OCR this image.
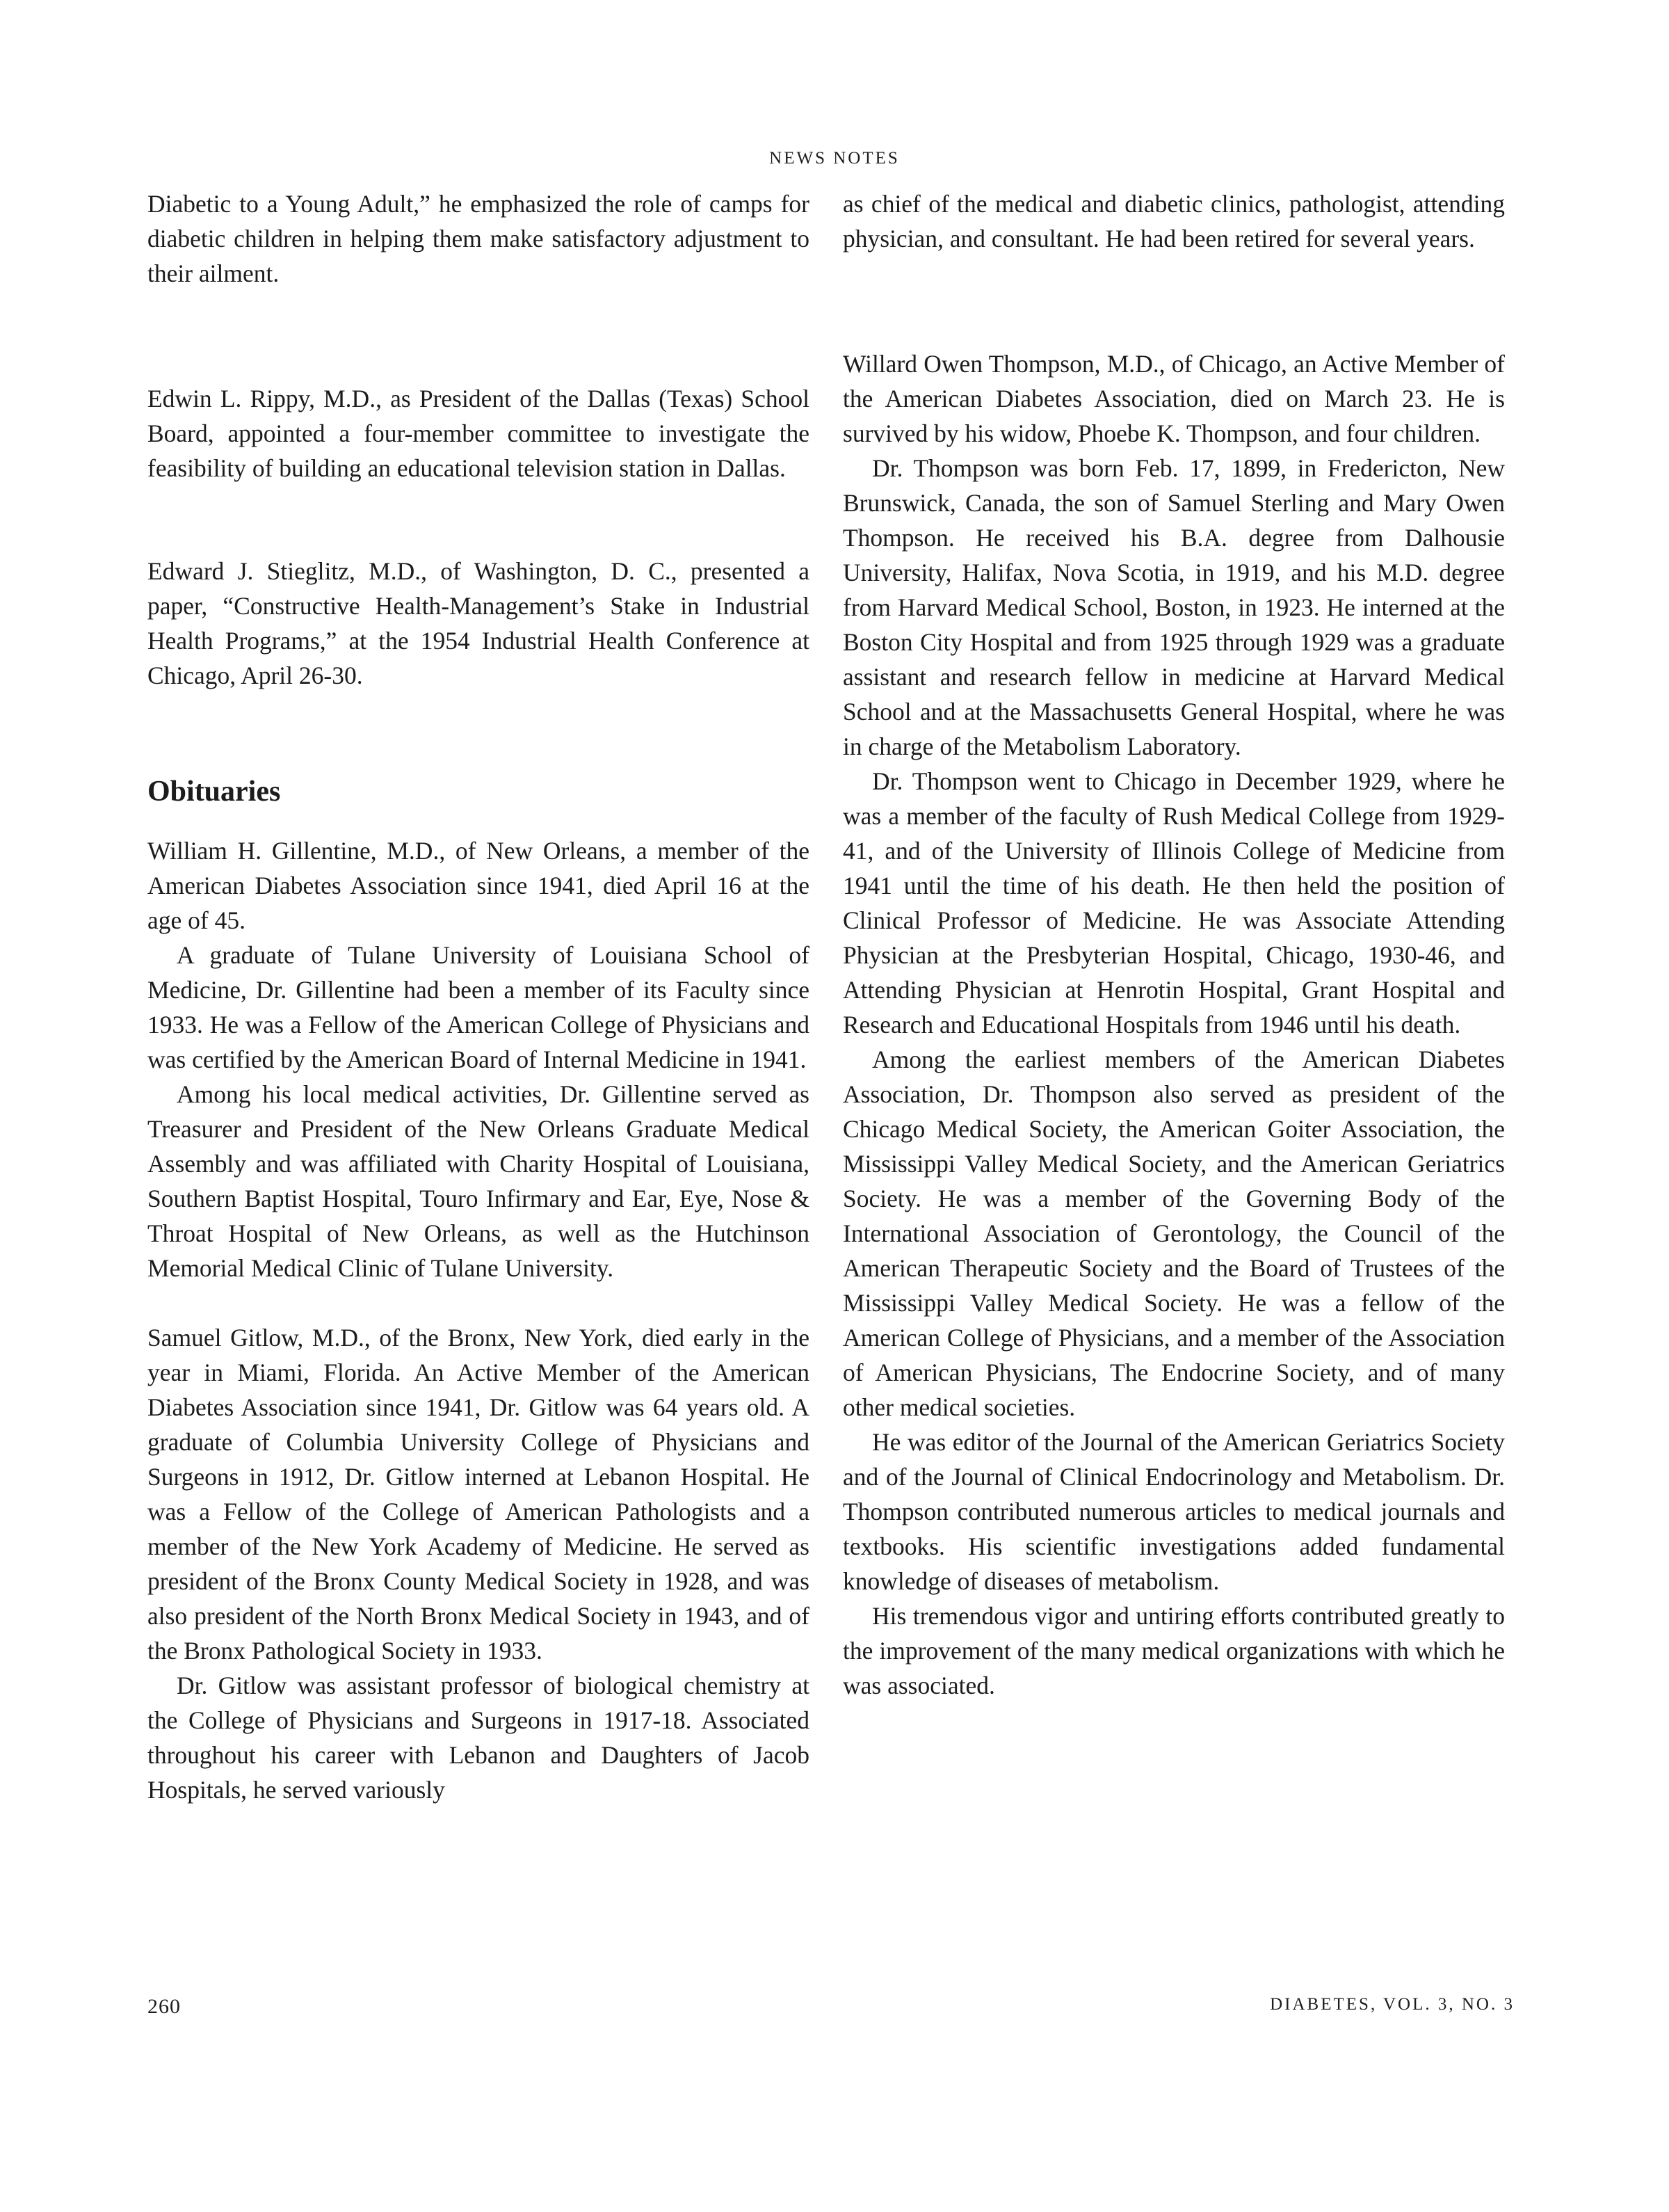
NEWS NOTES

Diabetic to a Young Adult,” he emphasized the role of camps for diabetic children in helping them make satisfactory adjustment to their ailment.

Edwin L. Rippy, M.D., as President of the Dallas (Texas) School Board, appointed a four-member committee to investigate the feasibility of building an educational television station in Dallas.

Edward J. Stieglitz, M.D., of Washington, D. C., presented a paper, “Constructive Health-Management’s Stake in Industrial Health Programs,” at the 1954 Industrial Health Conference at Chicago, April 26-30.

Obituaries

William H. Gillentine, M.D., of New Orleans, a member of the American Diabetes Association since 1941, died April 16 at the age of 45.

A graduate of Tulane University of Louisiana School of Medicine, Dr. Gillentine had been a member of its Faculty since 1933. He was a Fellow of the American College of Physicians and was certified by the American Board of Internal Medicine in 1941.

Among his local medical activities, Dr. Gillentine served as Treasurer and President of the New Orleans Graduate Medical Assembly and was affiliated with Charity Hospital of Louisiana, Southern Baptist Hospital, Touro Infirmary and Ear, Eye, Nose & Throat Hospital of New Orleans, as well as the Hutchinson Memorial Medical Clinic of Tulane University.

Samuel Gitlow, M.D., of the Bronx, New York, died early in the year in Miami, Florida. An Active Member of the American Diabetes Association since 1941, Dr. Gitlow was 64 years old. A graduate of Columbia University College of Physicians and Surgeons in 1912, Dr. Gitlow interned at Lebanon Hospital. He was a Fellow of the College of American Pathologists and a member of the New York Academy of Medicine. He served as president of the Bronx County Medical Society in 1928, and was also president of the North Bronx Medical Society in 1943, and of the Bronx Pathological Society in 1933.

Dr. Gitlow was assistant professor of biological chemistry at the College of Physicians and Surgeons in 1917-18. Associated throughout his career with Lebanon and Daughters of Jacob Hospitals, he served variously

as chief of the medical and diabetic clinics, pathologist, attending physician, and consultant. He had been retired for several years.

Willard Owen Thompson, M.D., of Chicago, an Active Member of the American Diabetes Association, died on March 23. He is survived by his widow, Phoebe K. Thompson, and four children.

Dr. Thompson was born Feb. 17, 1899, in Fredericton, New Brunswick, Canada, the son of Samuel Sterling and Mary Owen Thompson. He received his B.A. degree from Dalhousie University, Halifax, Nova Scotia, in 1919, and his M.D. degree from Harvard Medical School, Boston, in 1923. He interned at the Boston City Hospital and from 1925 through 1929 was a graduate assistant and research fellow in medicine at Harvard Medical School and at the Massachusetts General Hospital, where he was in charge of the Metabolism Laboratory.

Dr. Thompson went to Chicago in December 1929, where he was a member of the faculty of Rush Medical College from 1929-41, and of the University of Illinois College of Medicine from 1941 until the time of his death. He then held the position of Clinical Professor of Medicine. He was Associate Attending Physician at the Presbyterian Hospital, Chicago, 1930-46, and Attending Physician at Henrotin Hospital, Grant Hospital and Research and Educational Hospitals from 1946 until his death.

Among the earliest members of the American Diabetes Association, Dr. Thompson also served as president of the Chicago Medical Society, the American Goiter Association, the Mississippi Valley Medical Society, and the American Geriatrics Society. He was a member of the Governing Body of the International Association of Gerontology, the Council of the American Therapeutic Society and the Board of Trustees of the Mississippi Valley Medical Society. He was a fellow of the American College of Physicians, and a member of the Association of American Physicians, The Endocrine Society, and of many other medical societies.

He was editor of the Journal of the American Geriatrics Society and of the Journal of Clinical Endocrinology and Metabolism. Dr. Thompson contributed numerous articles to medical journals and textbooks. His scientific investigations added fundamental knowledge of diseases of metabolism.

His tremendous vigor and untiring efforts contributed greatly to the improvement of the many medical organizations with which he was associated.

260	DIABETES, VOL. 3, NO. 3
